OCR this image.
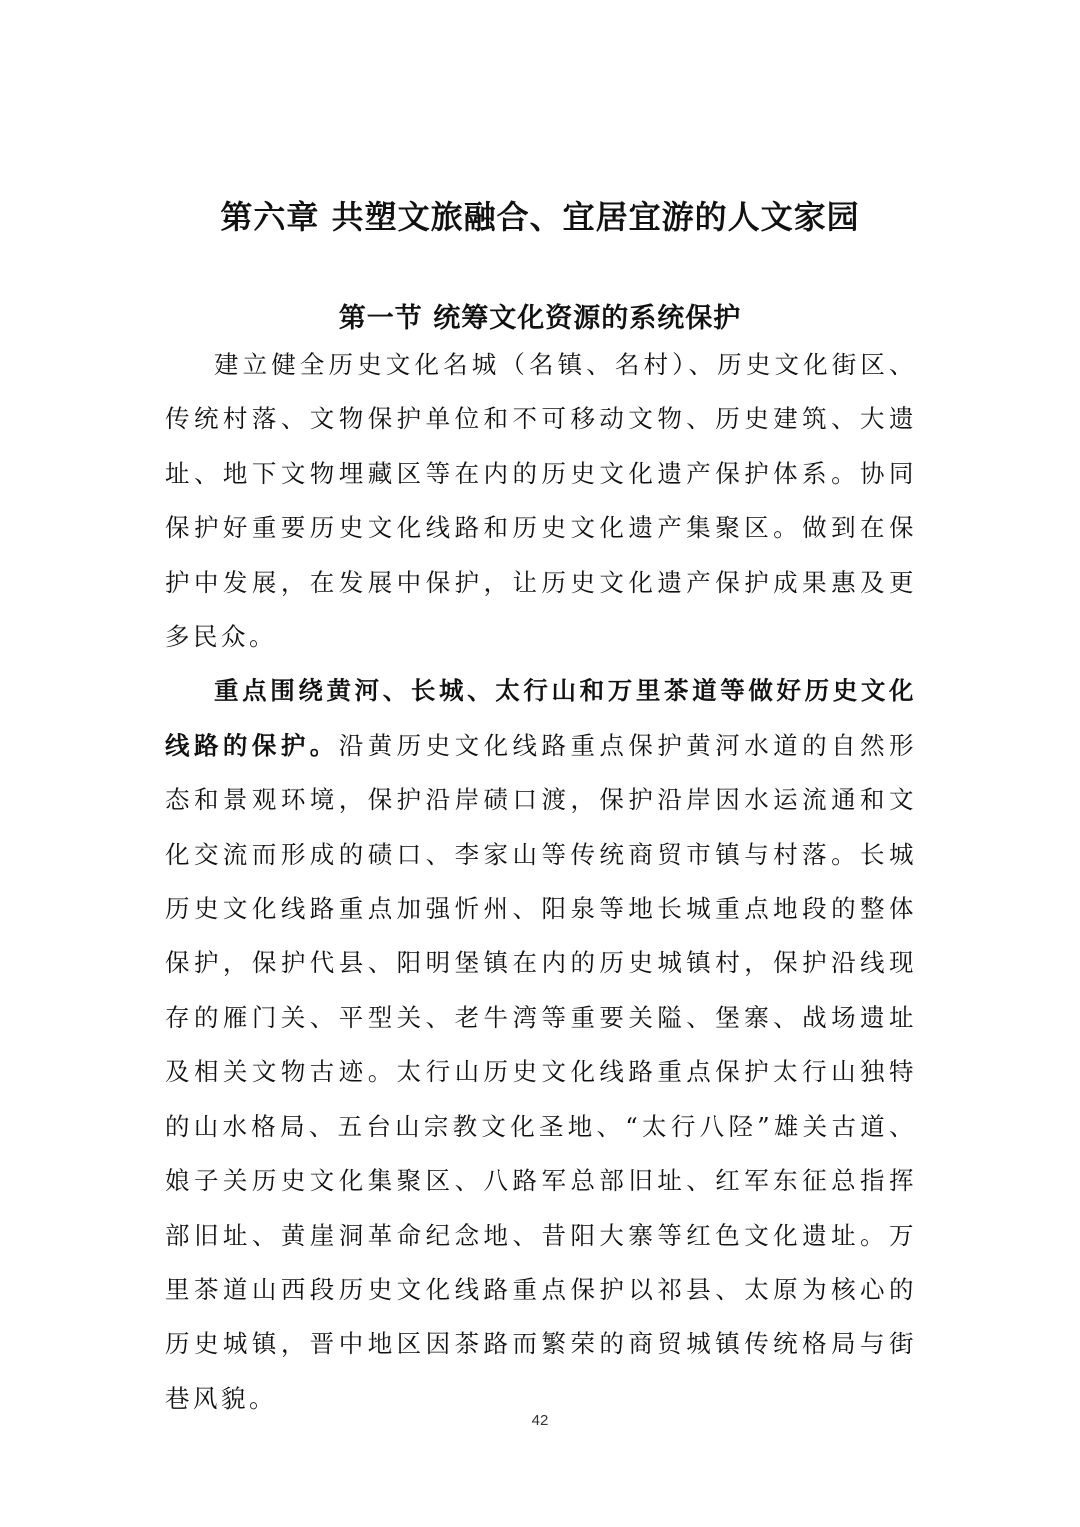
第六章 共塑文旅融合、宜居宜游的人文家园
第一节 统筹文化资源的系统保护

建立健全历史文化名城（名镇、名村）、历史文化街区、传统村落、文物保护单位和不可移动文物、历史建筑、大遗址、地下文物埋藏区等在内的历史文化遗产保护体系。协同保护好重要历史文化线路和历史文化遗产集聚区。做到在保护中发展，在发展中保护，让历史文化遗产保护成果惠及更多民众。

重点围绕黄河、长城、太行山和万里茶道等做好历史文化线路的保护。沿黄历史文化线路重点保护黄河水道的自然形态和景观环境，保护沿岸碛口渡，保护沿岸因水运流通和文化交流而形成的碛口、李家山等传统商贸市镇与村落。长城历史文化线路重点加强忻州、阳泉等地长城重点地段的整体保护，保护代县、阳明堡镇在内的历史城镇村，保护沿线现存的雁门关、平型关、老牛湾等重要关隘、堡寨、战场遗址及相关文物古迹。太行山历史文化线路重点保护太行山独特的山水格局、五台山宗教文化圣地、“太行八陉”雄关古道、娘子关历史文化集聚区、八路军总部旧址、红军东征总指挥部旧址、黄崖洞革命纪念地、昔阳大寨等红色文化遗址。万里茶道山西段历史文化线路重点保护以祁县、太原为核心的历史城镇，晋中地区因茶路而繁荣的商贸城镇传统格局与街巷风貌。

42
